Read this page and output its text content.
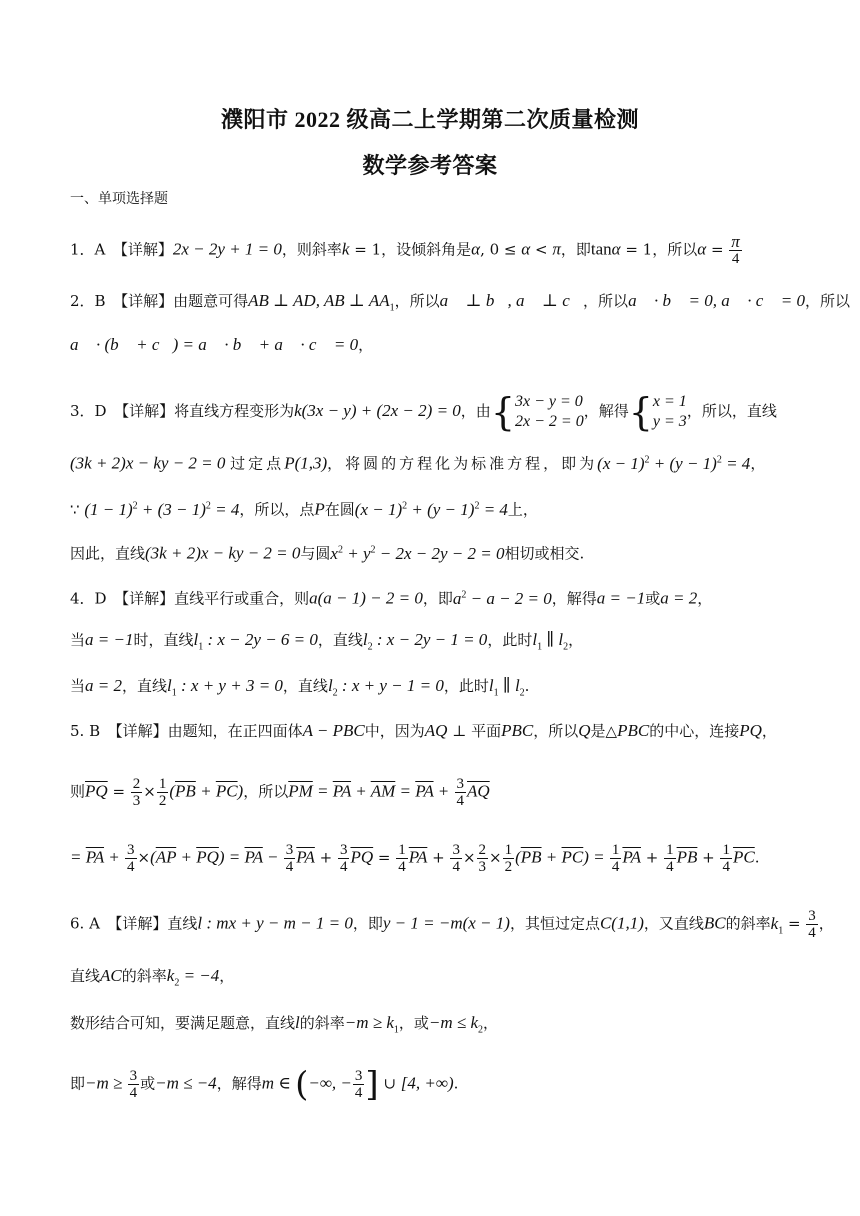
濮阳市 2022 级高二上学期第二次质量检测
数学参考答案
一、单项选择题
1．A　【详解】2x − 2y + 1 = 0，则斜率k = 1，设倾斜角是α, 0 ≤ α < π，即tanα = 1，所以$\alpha = \frac{\pi}{4}$
2．B　【详解】由题意可得AB ⊥ AD, AB ⊥ $AA_1$，所以a⃗ ⊥ b⃗, a⃗ ⊥ c⃗，所以a⃗ · b⃗ = 0, a⃗ · c⃗ = 0，所以
a⃗ · (b⃗ + c⃗) = a⃗ · b⃗ + a⃗ · c⃗ = 0，
3．D　【详解】将直线方程变形为k(3x − y) + (2x − 2) = 0，由 { 3x − y = 0
2x − 2 = 0
，解得 { x = 1
y = 3
，所以，直线
(3k + 2)x − ky − 2 = 0 过定点P(1,3)，将圆的方程化为标准方程，即为$(x - 1)^2 + (y - 1)^2 = 4$，
∵ $(1 - 1)^2 + (3 - 1)^2 = 4$，所以，点P在圆$(x - 1)^2 + (y - 1)^2 = 4$上，
因此，直线(3k + 2)x − ky − 2 = 0与圆$x^2 + y^2 - 2x - 2y - 2 = 0$相切或相交.
4．D　【详解】直线平行或重合，则a(a − 1) − 2 = 0，即$a^2 - a - 2 = 0$，解得a = −1或a = 2，
当a = −1时，直线$l_1$ : x − 2y − 6 = 0，直线$l_2$ : x − 2y − 1 = 0，此时$l_1$ ∥ $l_2$，
当a = 2，直线$l_1$ : x + y + 3 = 0，直线$l_2$ : x + y − 1 = 0，此时$l_1$ ∥ $l_2$.
5. B　【详解】由题知，在正四面体A − PBC中，因为AQ ⊥ 平面PBC，所以Q是△PBC的中心，连接PQ，
则$\overline{PQ} = \frac{2}{3} \times \frac{1}{2} (\overline{PB} + \overline{PC})$，所以$\overline{PM} = \overline{PA} + \overline{AM} = \overline{PA} + \frac{3}{4} \overline{AQ}$
= $\overline{PA} + \frac{3}{4} \times(\overline{AP} + \overline{PQ}) = \overline{PA} - \frac{3}{4} \overline{PA} + \frac{3}{4} \overline{PQ} = \frac{1}{4} \overline{PA} + \frac{3}{4} \times \frac{2}{3} \times \frac{1}{2} (\overline{PB} + \overline{PC}) = \frac{1}{4} \overline{PA} + \frac{1}{4} \overline{PB} + \frac{1}{4} \overline{PC}$.
6. A　【详解】直线l : mx + y − m − 1 = 0，即y − 1 = −m(x − 1)，其恒过定点C(1,1)，又直线BC的斜率$k_1 = \frac{3}{4}$ ，
直线AC的斜率$k_2 = -4$，
数形结合可知，要满足题意，直线l的斜率$-m \ge k_1$，或$-m \le k_2$，
即$-m \ge \frac{3}{4}$ 或−m ≤ −4，解得m ∈ (−∞, − $\frac{3}{4}$ ] ∪ [4, +∞).
